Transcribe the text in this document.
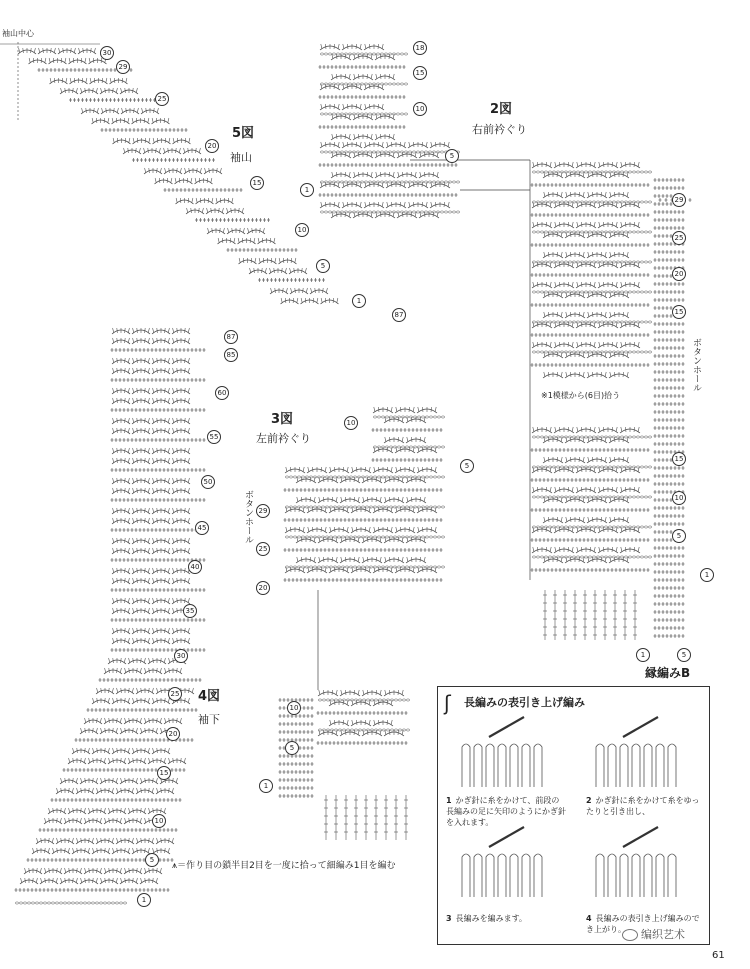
袖山中心
5図
袖山
2図
右前衿ぐり
ボタンホール
※1模様から(6目)拾う
3図
左前衿ぐり
ボタンホール
4図
袖下
縁編みB
⩚＝作り目の鎖半目2目を一度に拾って細編み1目を編む
ʃ 長編みの表引き上げ編み
1 かぎ針に糸をかけて、前段の長編みの足に矢印のようにかぎ針を入れます。
2 かぎ針に糸をかけて糸をゆったりと引き出し、
3 長編みを編みます。	4 長編みの表引き上げ編みのでき上がり。	编织艺术
61
30
29
25
20
15
10
5
1
87
18
15
10
5
1
29
25
20
15
15
10
5
1
1	5
10
5
29
25
20
87
85
60
55
50
45
40
35
30
25
20
15
10
5
1
10
5
1
